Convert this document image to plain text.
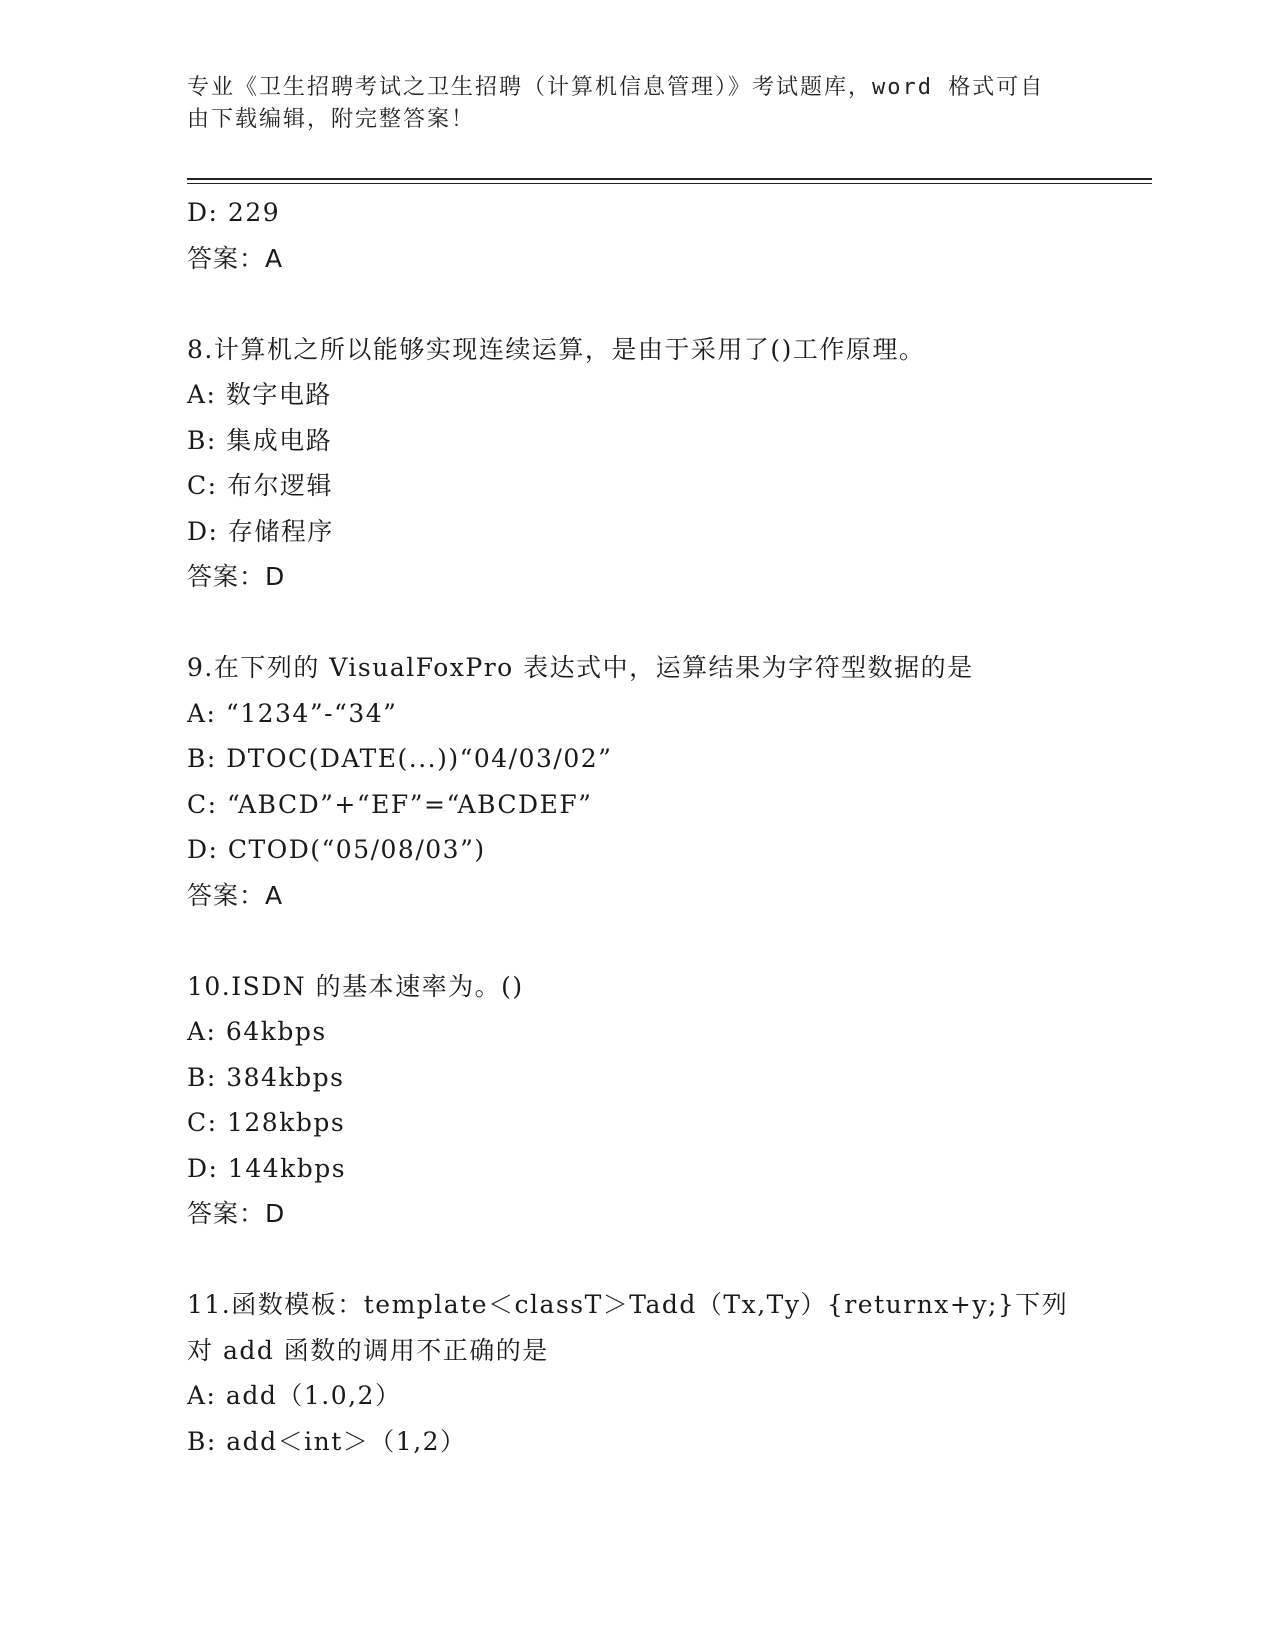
专业《卫生招聘考试之卫生招聘（计算机信息管理）》考试题库，word 格式可自
由下载编辑，附完整答案！
D: 229
答案：A
8.计算机之所以能够实现连续运算，是由于采用了()工作原理。
A: 数字电路
B: 集成电路
C: 布尔逻辑
D: 存储程序
答案：D
9.在下列的 VisualFoxPro 表达式中，运算结果为字符型数据的是
A: “1234”-“34”
B: DTOC(DATE(...))“04/03/02”
C: “ABCD”+“EF”=“ABCDEF”
D: CTOD(“05/08/03”)
答案：A
10.ISDN 的基本速率为。()
A: 64kbps
B: 384kbps
C: 128kbps
D: 144kbps
答案：D
11.函数模板：template＜classT＞Tadd（Tx,Ty）{returnx+y;}下列
对 add 函数的调用不正确的是
A: add（1.0,2）
B: add＜int＞（1,2）
